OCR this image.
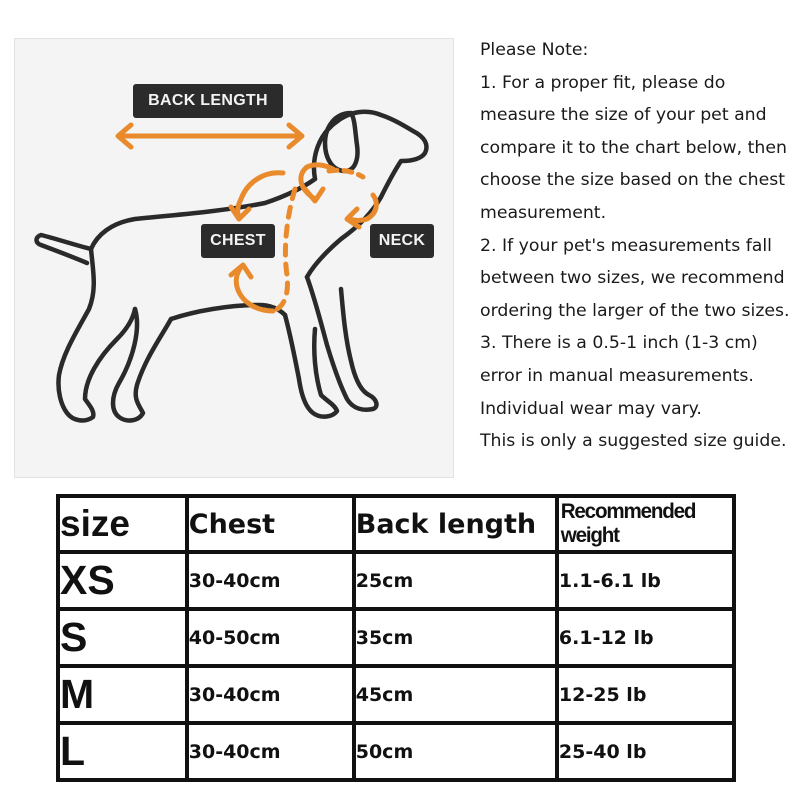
BACK LENGTH
CHEST	NECK
Please Note:
1. For a proper fit, please do
measure the size of your pet and
compare it to the chart below, then
choose the size based on the chest
measurement.
2. If your pet's measurements fall
between two sizes, we recommend
ordering the larger of the two sizes.
3. There is a 0.5-1 inch (1-3 cm)
error in manual measurements.
Individual wear may vary.
This is only a suggested size guide.
size	Chest	Back length	Recommended weight
XS	30-40cm	25cm	1.1-6.1 lb
S	40-50cm	35cm	6.1-12 lb
M	30-40cm	45cm	12-25 lb
L	30-40cm	50cm	25-40 lb
